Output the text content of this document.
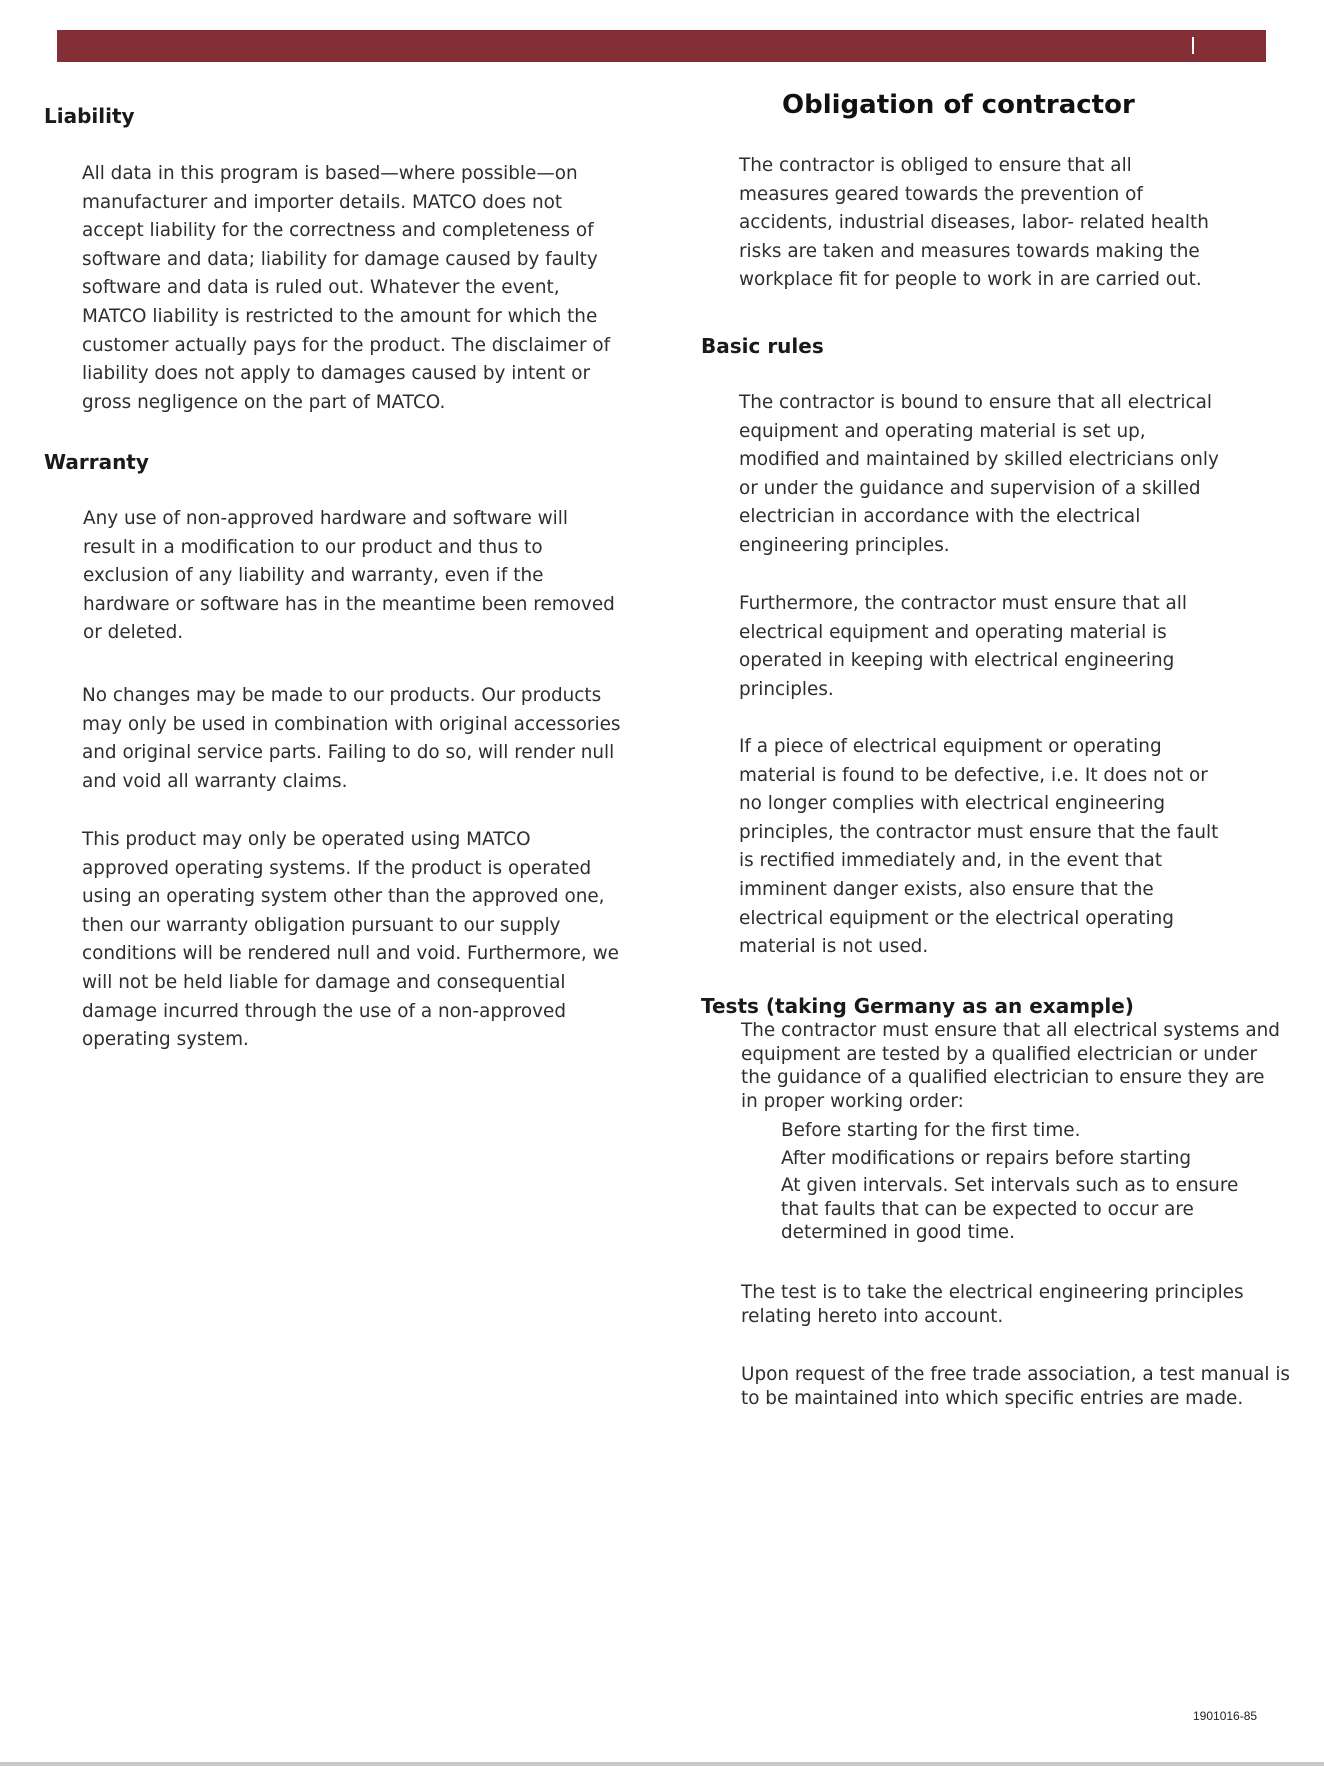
Liability

All data in this program is based—where possible—on manufacturer and importer details. MATCO does not accept liability for the correctness and completeness of software and data; liability for damage caused by faulty software and data is ruled out. Whatever the event, MATCO liability is restricted to the amount for which the customer actually pays for the product. The disclaimer of liability does not apply to damages caused by intent or gross negligence on the part of MATCO.

Warranty

Any use of non-approved hardware and software will result in a modification to our product and thus to exclusion of any liability and warranty, even if the hardware or software has in the meantime been removed or deleted.

No changes may be made to our products. Our products may only be used in combination with original accessories and original service parts. Failing to do so, will render null and void all warranty claims.

This product may only be operated using MATCO approved operating systems. If the product is operated using an operating system other than the approved one, then our warranty obligation pursuant to our supply conditions will be rendered null and void. Furthermore, we will not be held liable for damage and consequential damage incurred through the use of a non-approved operating system.

Obligation of contractor

The contractor is obliged to ensure that all measures geared towards the prevention of accidents, industrial diseases, labor- related health risks are taken and measures towards making the workplace fit for people to work in are carried out.

Basic rules

The contractor is bound to ensure that all electrical equipment and operating material is set up, modified and maintained by skilled electricians only or under the guidance and supervision of a skilled electrician in accordance with the electrical engineering principles.

Furthermore, the contractor must ensure that all electrical equipment and operating material is operated in keeping with electrical engineering principles.

If a piece of electrical equipment or operating material is found to be defective, i.e. It does not or no longer complies with electrical engineering principles, the contractor must ensure that the fault is rectified immediately and, in the event that imminent danger exists, also ensure that the electrical equipment or the electrical operating material is not used.

Tests (taking Germany as an example)

The contractor must ensure that all electrical systems and equipment are tested by a qualified electrician or under the guidance of a qualified electrician to ensure they are in proper working order:

Before starting for the first time.
After modifications or repairs before starting
At given intervals. Set intervals such as to ensure that faults that can be expected to occur are determined in good time.

The test is to take the electrical engineering principles relating hereto into account.

Upon request of the free trade association, a test manual is to be maintained into which specific entries are made.

1901016-85
